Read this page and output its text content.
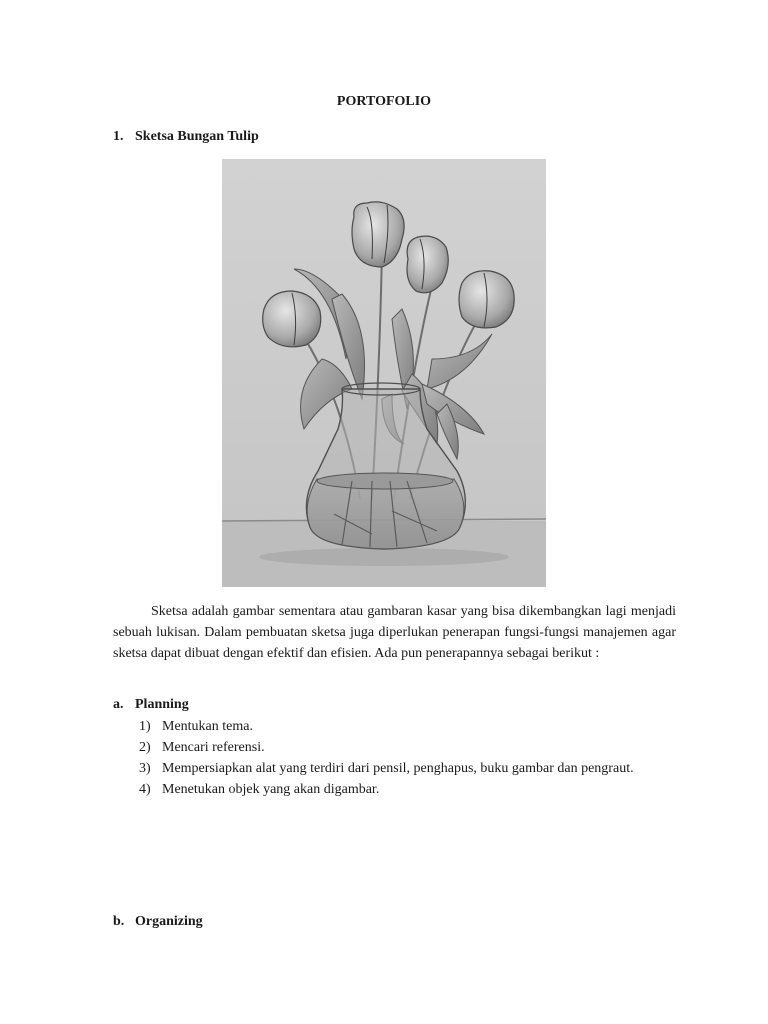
PORTOFOLIO
1. Sketsa Bungan Tulip

Sketsa adalah gambar sementara atau gambaran kasar yang bisa dikembangkan lagi menjadi sebuah lukisan. Dalam pembuatan sketsa juga diperlukan penerapan fungsi-fungsi manajemen agar sketsa dapat dibuat dengan efektif dan efisien. Ada pun penerapannya sebagai berikut :

a. Planning
1) Mentukan tema.
2) Mencari referensi.
3) Mempersiapkan alat yang terdiri dari pensil, penghapus, buku gambar dan pengraut.
4) Menetukan objek yang akan digambar.
b. Organizing
